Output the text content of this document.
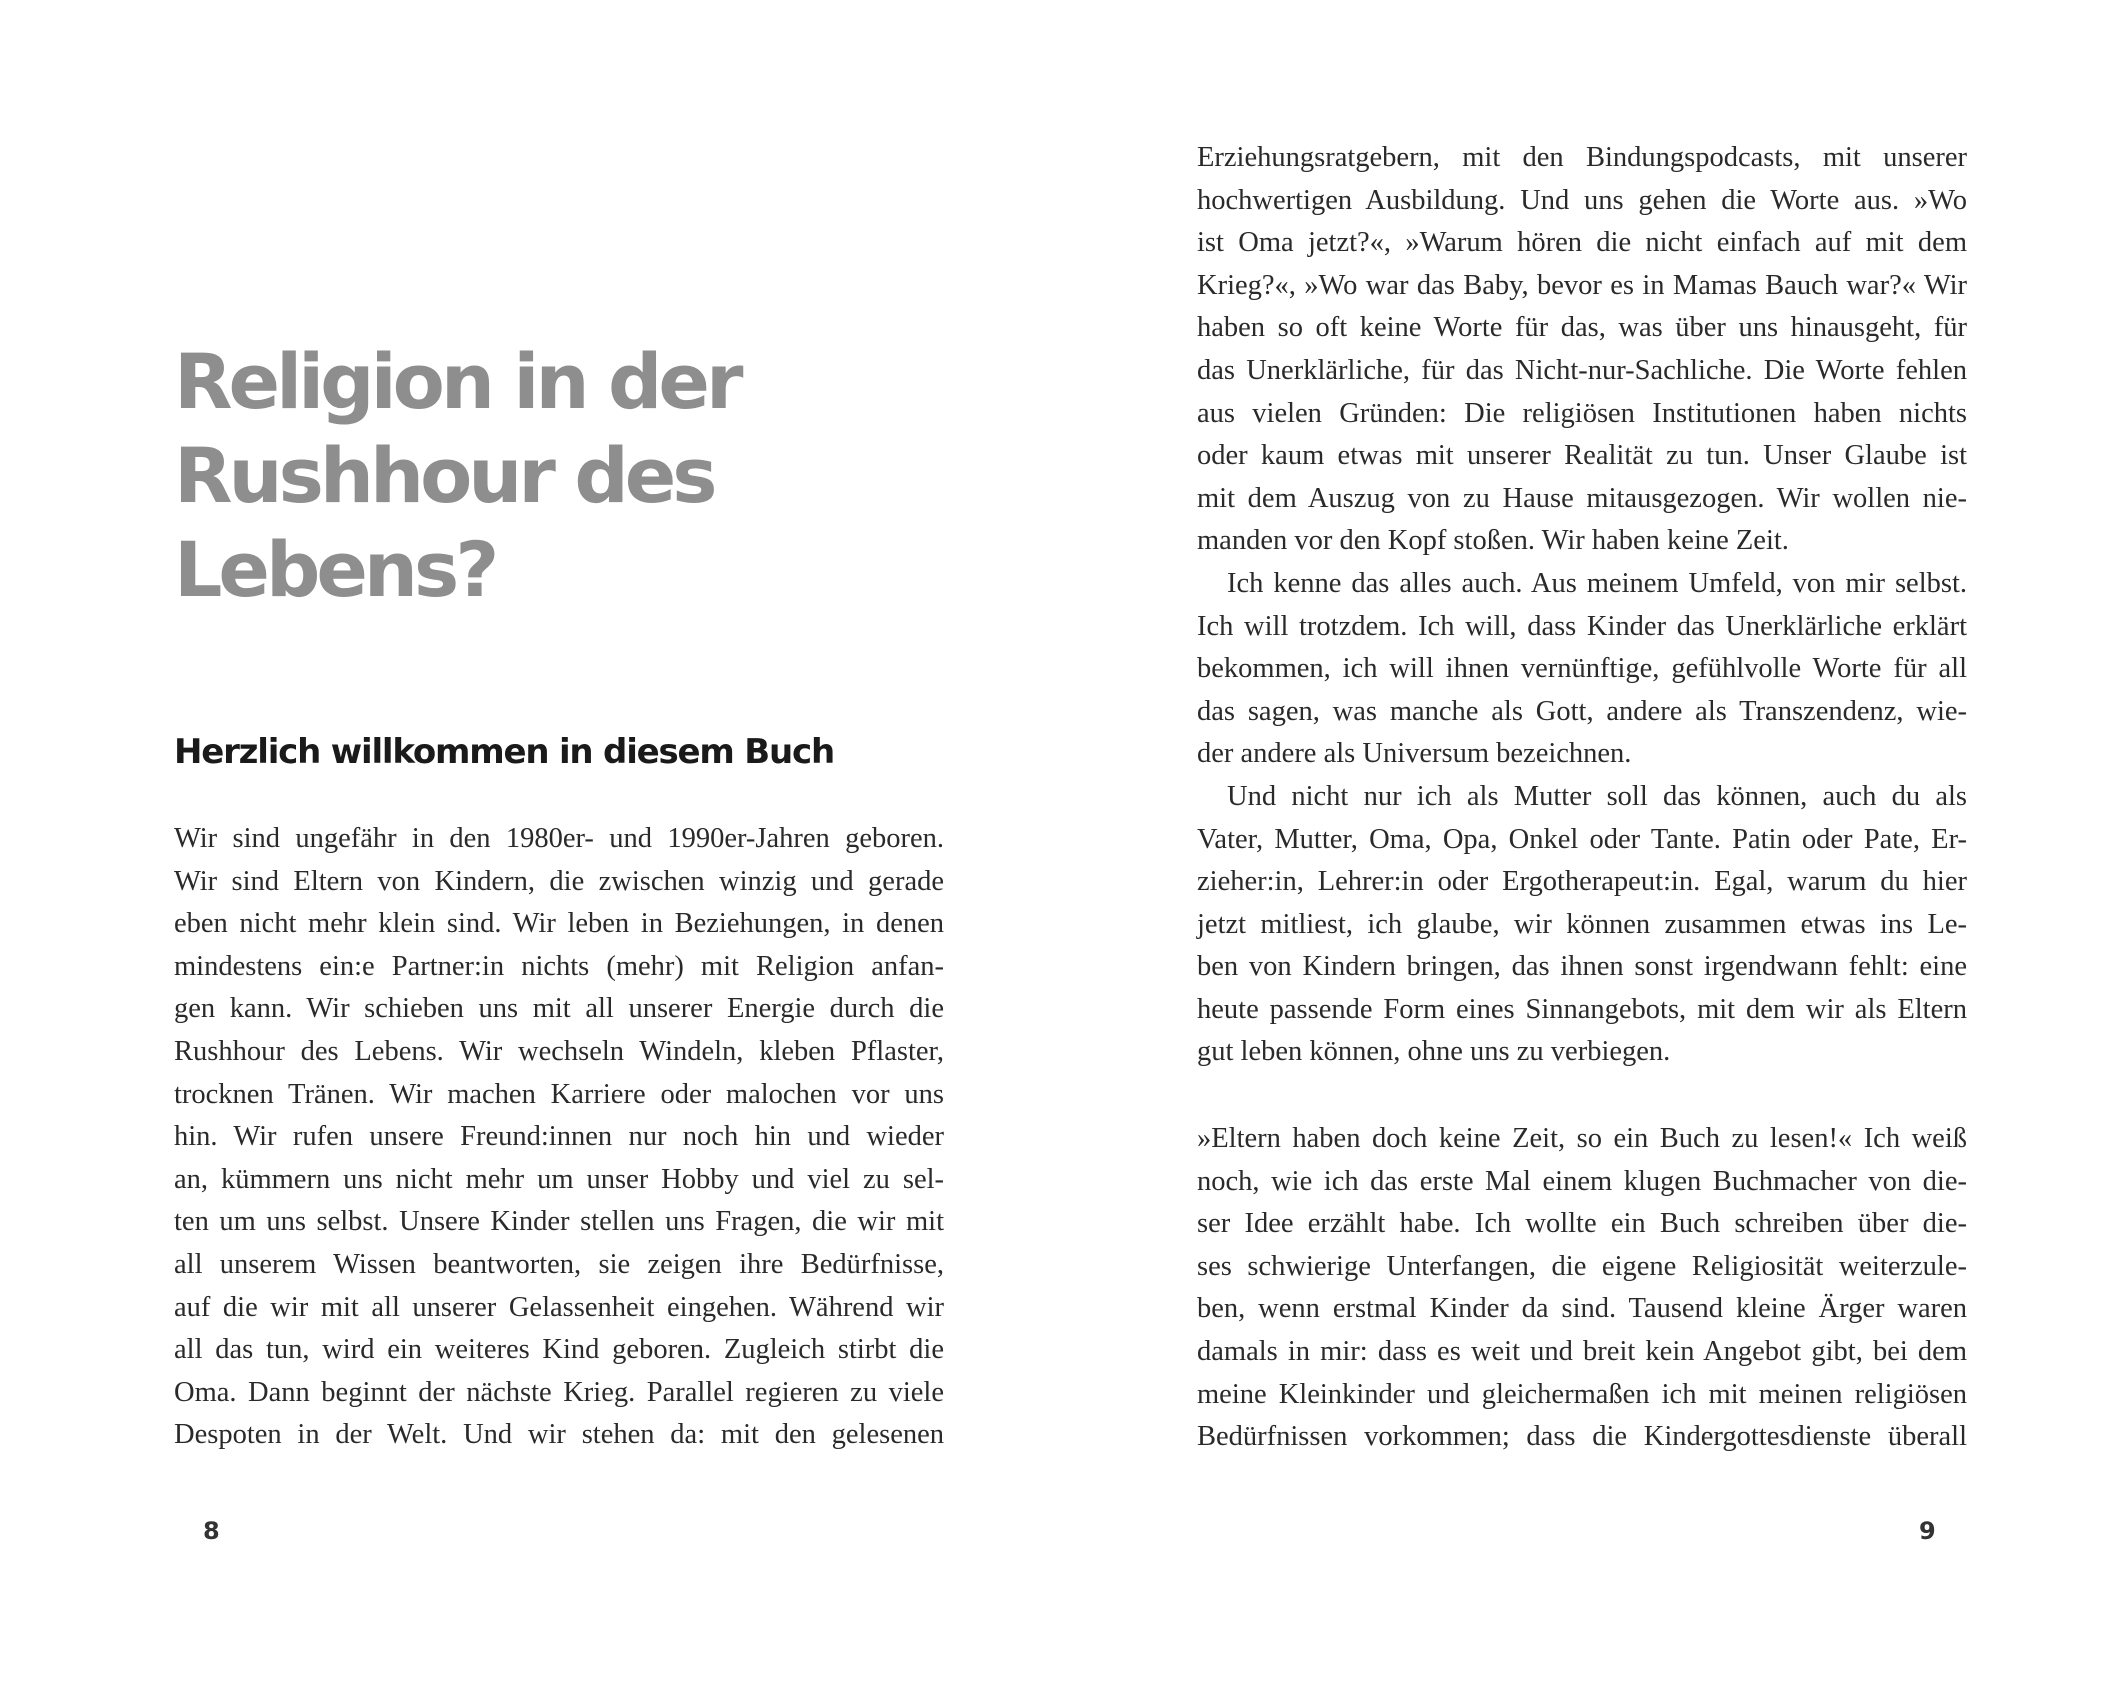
Religion in der
Rushhour des
Lebens?
Herzlich willkommen in diesem Buch
Wir sind ungefähr in den 1980er- und 1990er-Jahren geboren.
Wir sind Eltern von Kindern, die zwischen winzig und gerade
eben nicht mehr klein sind. Wir leben in Beziehungen, in denen
mindestens ein:e Partner:in nichts (mehr) mit Religion anfan-
gen kann. Wir schieben uns mit all unserer Energie durch die
Rushhour des Lebens. Wir wechseln Windeln, kleben Pflaster,
trocknen Tränen. Wir machen Karriere oder malochen vor uns
hin. Wir rufen unsere Freund:innen nur noch hin und wieder
an, kümmern uns nicht mehr um unser Hobby und viel zu sel-
ten um uns selbst. Unsere Kinder stellen uns Fragen, die wir mit
all unserem Wissen beantworten, sie zeigen ihre Bedürfnisse,
auf die wir mit all unserer Gelassenheit eingehen. Während wir
all das tun, wird ein weiteres Kind geboren. Zugleich stirbt die
Oma. Dann beginnt der nächste Krieg. Parallel regieren zu viele
Despoten in der Welt. Und wir stehen da: mit den gelesenen
8
Erziehungsratgebern, mit den Bindungspodcasts, mit unserer
hochwertigen Ausbildung. Und uns gehen die Worte aus. »Wo
ist Oma jetzt?«, »Warum hören die nicht einfach auf mit dem
Krieg?«, »Wo war das Baby, bevor es in Mamas Bauch war?« Wir
haben so oft keine Worte für das, was über uns hinausgeht, für
das Unerklärliche, für das Nicht-nur-Sachliche. Die Worte fehlen
aus vielen Gründen: Die religiösen Institutionen haben nichts
oder kaum etwas mit unserer Realität zu tun. Unser Glaube ist
mit dem Auszug von zu Hause mitausgezogen. Wir wollen nie-
manden vor den Kopf stoßen. Wir haben keine Zeit.
Ich kenne das alles auch. Aus meinem Umfeld, von mir selbst.
Ich will trotzdem. Ich will, dass Kinder das Unerklärliche erklärt
bekommen, ich will ihnen vernünftige, gefühlvolle Worte für all
das sagen, was manche als Gott, andere als Transzendenz, wie-
der andere als Universum bezeichnen.
Und nicht nur ich als Mutter soll das können, auch du als
Vater, Mutter, Oma, Opa, Onkel oder Tante. Patin oder Pate, Er-
zieher:in, Lehrer:in oder Ergotherapeut:in. Egal, warum du hier
jetzt mitliest, ich glaube, wir können zusammen etwas ins Le-
ben von Kindern bringen, das ihnen sonst irgendwann fehlt: eine
heute passende Form eines Sinnangebots, mit dem wir als Eltern
gut leben können, ohne uns zu verbiegen.
»Eltern haben doch keine Zeit, so ein Buch zu lesen!« Ich weiß
noch, wie ich das erste Mal einem klugen Buchmacher von die-
ser Idee erzählt habe. Ich wollte ein Buch schreiben über die-
ses schwierige Unterfangen, die eigene Religiosität weiterzule-
ben, wenn erstmal Kinder da sind. Tausend kleine Ärger waren
damals in mir: dass es weit und breit kein Angebot gibt, bei dem
meine Kleinkinder und gleichermaßen ich mit meinen religiösen
Bedürfnissen vorkommen; dass die Kindergottesdienste überall
9
